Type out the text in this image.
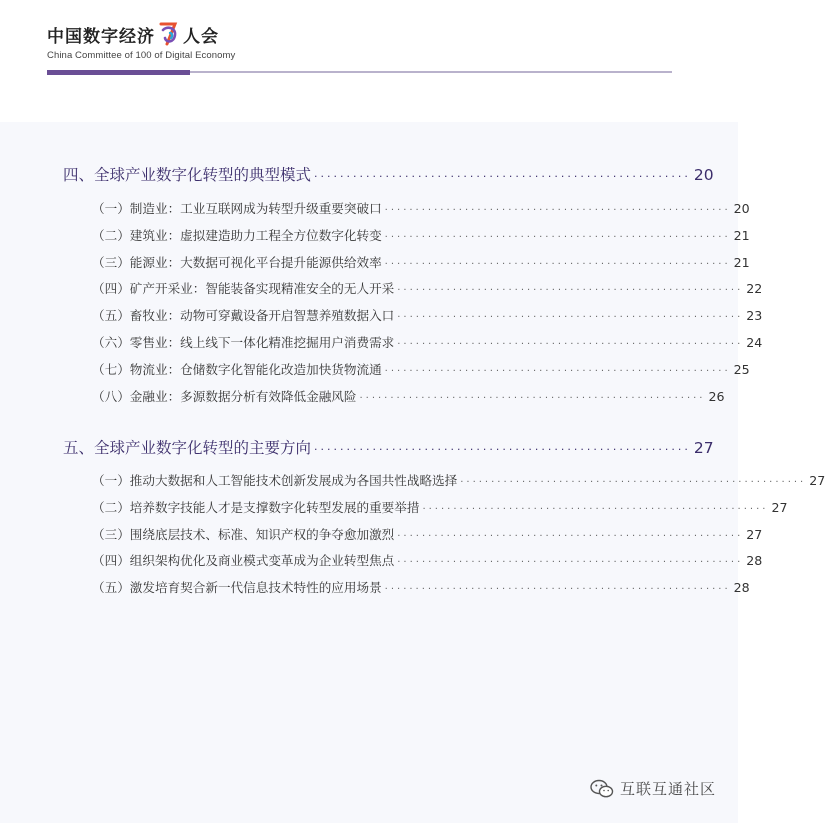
中国数字经济 人会
China Committee of 100 of Digital Economy
四、全球产业数字化转型的典型模式 ·························································· 20
（一）制造业：工业互联网成为转型升级重要突破口 ························································ 20
（二）建筑业：虚拟建造助力工程全方位数字化转变 ························································ 21
（三）能源业：大数据可视化平台提升能源供给效率 ························································ 21
（四）矿产开采业：智能装备实现精准安全的无人开采 ························································ 22
（五）畜牧业：动物可穿戴设备开启智慧养殖数据入口 ························································ 23
（六）零售业：线上线下一体化精准挖掘用户消费需求 ························································ 24
（七）物流业：仓储数字化智能化改造加快货物流通 ························································ 25
（八）金融业：多源数据分析有效降低金融风险 ························································ 26
五、全球产业数字化转型的主要方向 ·························································· 27
（一）推动大数据和人工智能技术创新发展成为各国共性战略选择 ························································ 27
（二）培养数字技能人才是支撑数字化转型发展的重要举措 ························································ 27
（三）围绕底层技术、标准、知识产权的争夺愈加激烈 ························································ 27
（四）组织架构优化及商业模式变革成为企业转型焦点 ························································ 28
（五）激发培育契合新一代信息技术特性的应用场景 ························································ 28
互联互通社区
